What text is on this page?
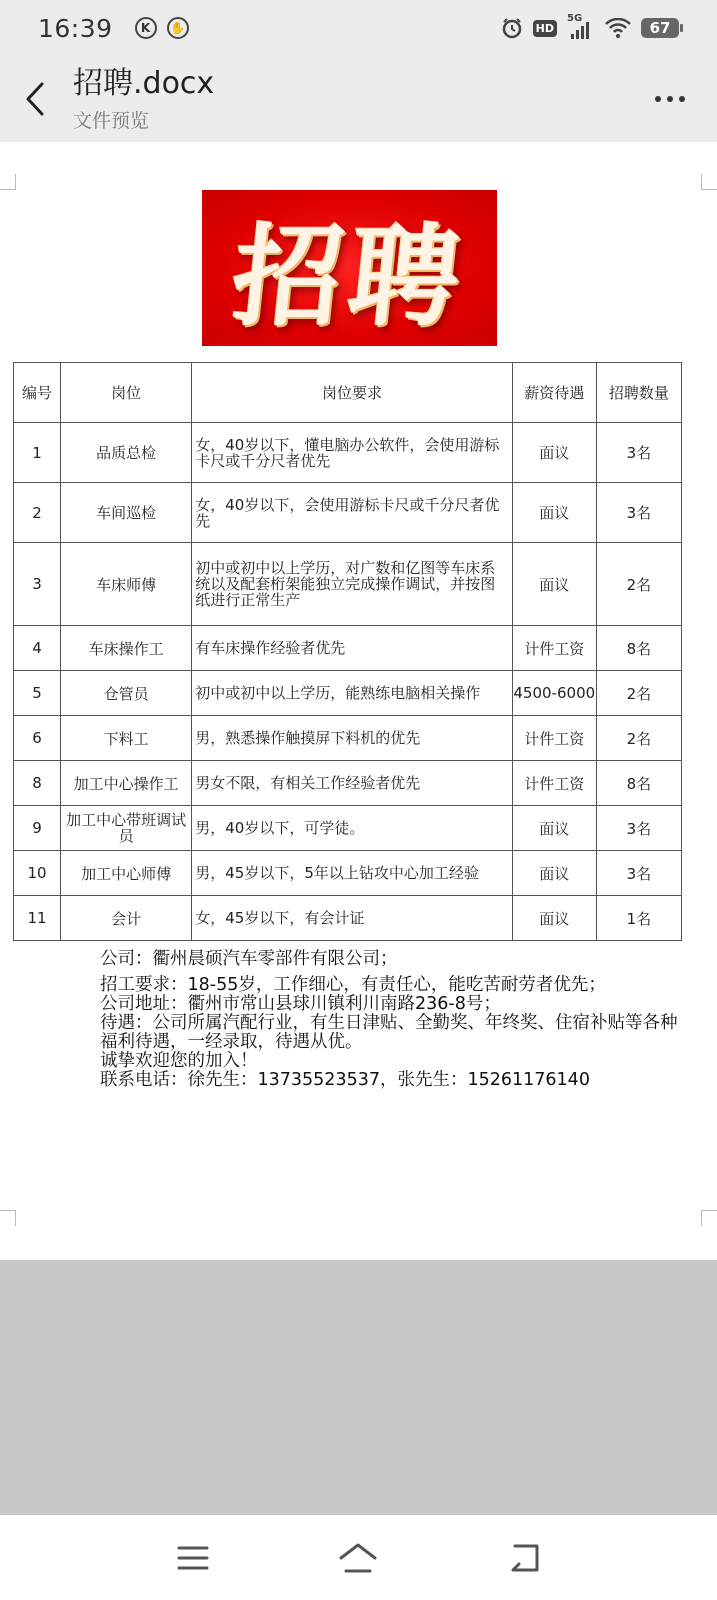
16:39	K	✋	HD
5G
67
招聘.docx
文件预览
招聘
编号	岗位	岗位要求	薪资待遇	招聘数量
1	品质总检	女，40岁以下，懂电脑办公软件，会使用游标卡尺或千分尺者优先	面议	3名
2	车间巡检	女，40岁以下，会使用游标卡尺或千分尺者优先	面议	3名
3	车床师傅	初中或初中以上学历，对广数和亿图等车床系统以及配套桁架能独立完成操作调试，并按图纸进行正常生产	面议	2名
4	车床操作工	有车床操作经验者优先	计件工资	8名
5	仓管员	初中或初中以上学历，能熟练电脑相关操作	4500-6000	2名
6	下料工	男，熟悉操作触摸屏下料机的优先	计件工资	2名
8	加工中心操作工	男女不限，有相关工作经验者优先	计件工资	8名
9	加工中心带班调试员	男，40岁以下，可学徒。	面议	3名
10	加工中心师傅	男，45岁以下，5年以上钻攻中心加工经验	面议	3名
11	会计	女，45岁以下，有会计证	面议	1名
公司：衢州晨硕汽车零部件有限公司；
招工要求：18-55岁，工作细心，有责任心，能吃苦耐劳者优先；
公司地址：衢州市常山县球川镇利川南路236-8号；
待遇：公司所属汽配行业，有生日津贴、全勤奖、年终奖、住宿补贴等各种福利待遇，一经录取，待遇从优。
诚挚欢迎您的加入！
联系电话：徐先生：13735523537，张先生：15261176140
